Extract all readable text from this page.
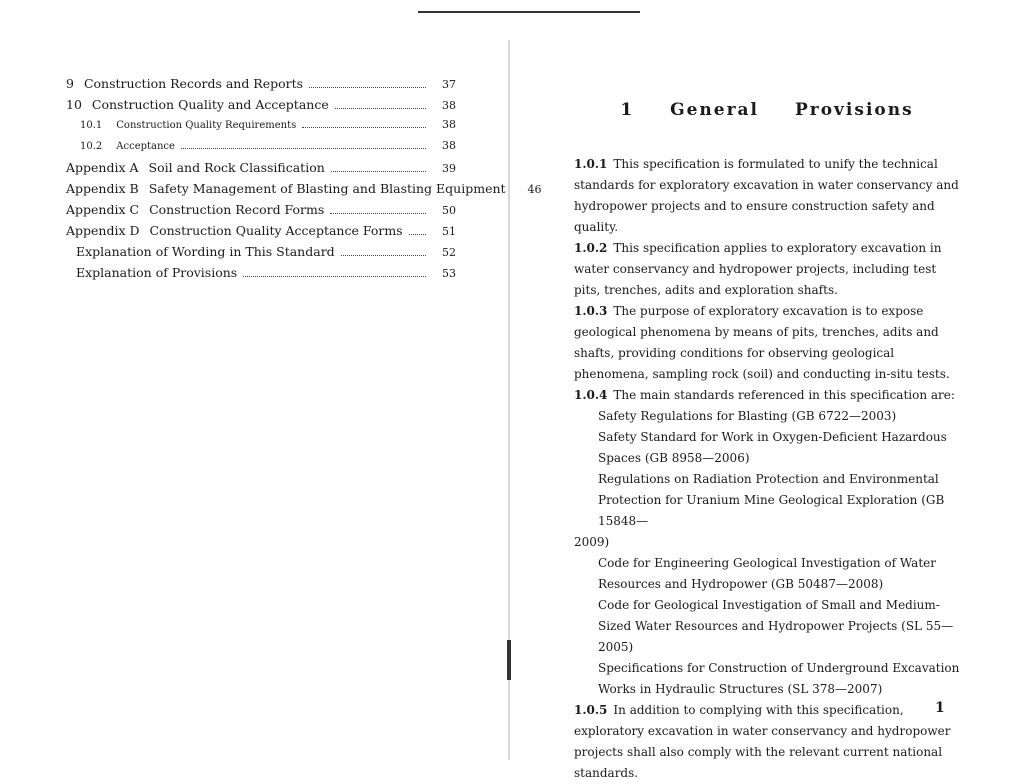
9 Construction Records and Reports	37
10 Construction Quality and Acceptance	38
10.1 Construction Quality Requirements	38
10.2 Acceptance	38
Appendix A Soil and Rock Classification	39
Appendix B Safety Management of Blasting and Blasting Equipment	46
Appendix C Construction Record Forms	50
Appendix D Construction Quality Acceptance Forms	51
Explanation of Wording in This Standard	52
Explanation of Provisions	53
1 General Provisions

1.0.1 This specification is formulated to unify the technical standards for exploratory excavation in water conservancy and hydropower projects and to ensure construction safety and quality.

1.0.2 This specification applies to exploratory excavation in water conservancy and hydropower projects, including test pits, trenches, adits and exploration shafts.

1.0.3 The purpose of exploratory excavation is to expose geological phenomena by means of pits, trenches, adits and shafts, providing conditions for observing geological phenomena, sampling rock (soil) and conducting in-situ tests.

1.0.4 The main standards referenced in this specification are:

Safety Regulations for Blasting (GB 6722—2003)

Safety Standard for Work in Oxygen-Deficient Hazardous Spaces (GB 8958—2006)

Regulations on Radiation Protection and Environmental Protection for Uranium Mine Geological Exploration (GB 15848—

2009)

Code for Engineering Geological Investigation of Water Resources and Hydropower (GB 50487—2008)

Code for Geological Investigation of Small and Medium-Sized Water Resources and Hydropower Projects (SL 55—2005)

Specifications for Construction of Underground Excavation Works in Hydraulic Structures (SL 378—2007)

1.0.5 In addition to complying with this specification, exploratory excavation in water conservancy and hydropower projects shall also comply with the relevant current national standards.

1
